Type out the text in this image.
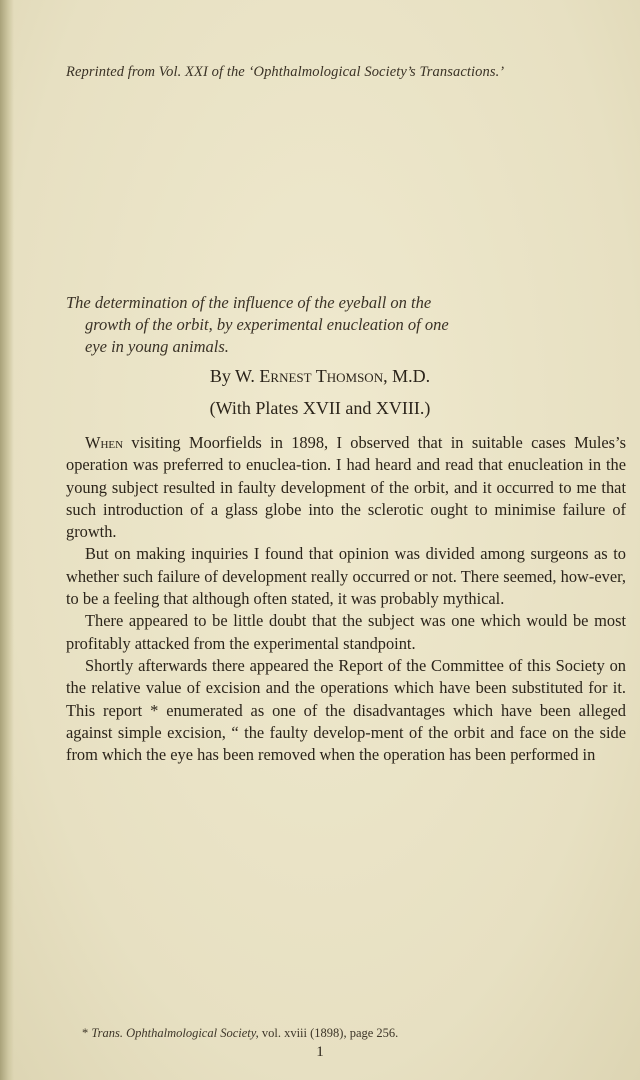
Reprinted from Vol. XXI of the ‘Ophthalmological Society’s Transactions.’
The determination of the influence of the eyeball on the
growth of the orbit, by experimental enucleation of one
eye in young animals.
By W. Ernest Thomson, M.D.
(With Plates XVII and XVIII.)

When visiting Moorfields in 1898, I observed that in suitable cases Mules’s operation was preferred to enuclea-tion. I had heard and read that enucleation in the young subject resulted in faulty development of the orbit, and it occurred to me that such introduction of a glass globe into the sclerotic ought to minimise failure of growth.

But on making inquiries I found that opinion was divided among surgeons as to whether such failure of development really occurred or not. There seemed, how-ever, to be a feeling that although often stated, it was probably mythical.

There appeared to be little doubt that the subject was one which would be most profitably attacked from the experimental standpoint.

Shortly afterwards there appeared the Report of the Committee of this Society on the relative value of excision and the operations which have been substituted for it. This report * enumerated as one of the disadvantages which have been alleged against simple excision, “ the faulty develop-ment of the orbit and face on the side from which the eye has been removed when the operation has been performed in

* Trans. Ophthalmological Society, vol. xviii (1898), page 256.
1
